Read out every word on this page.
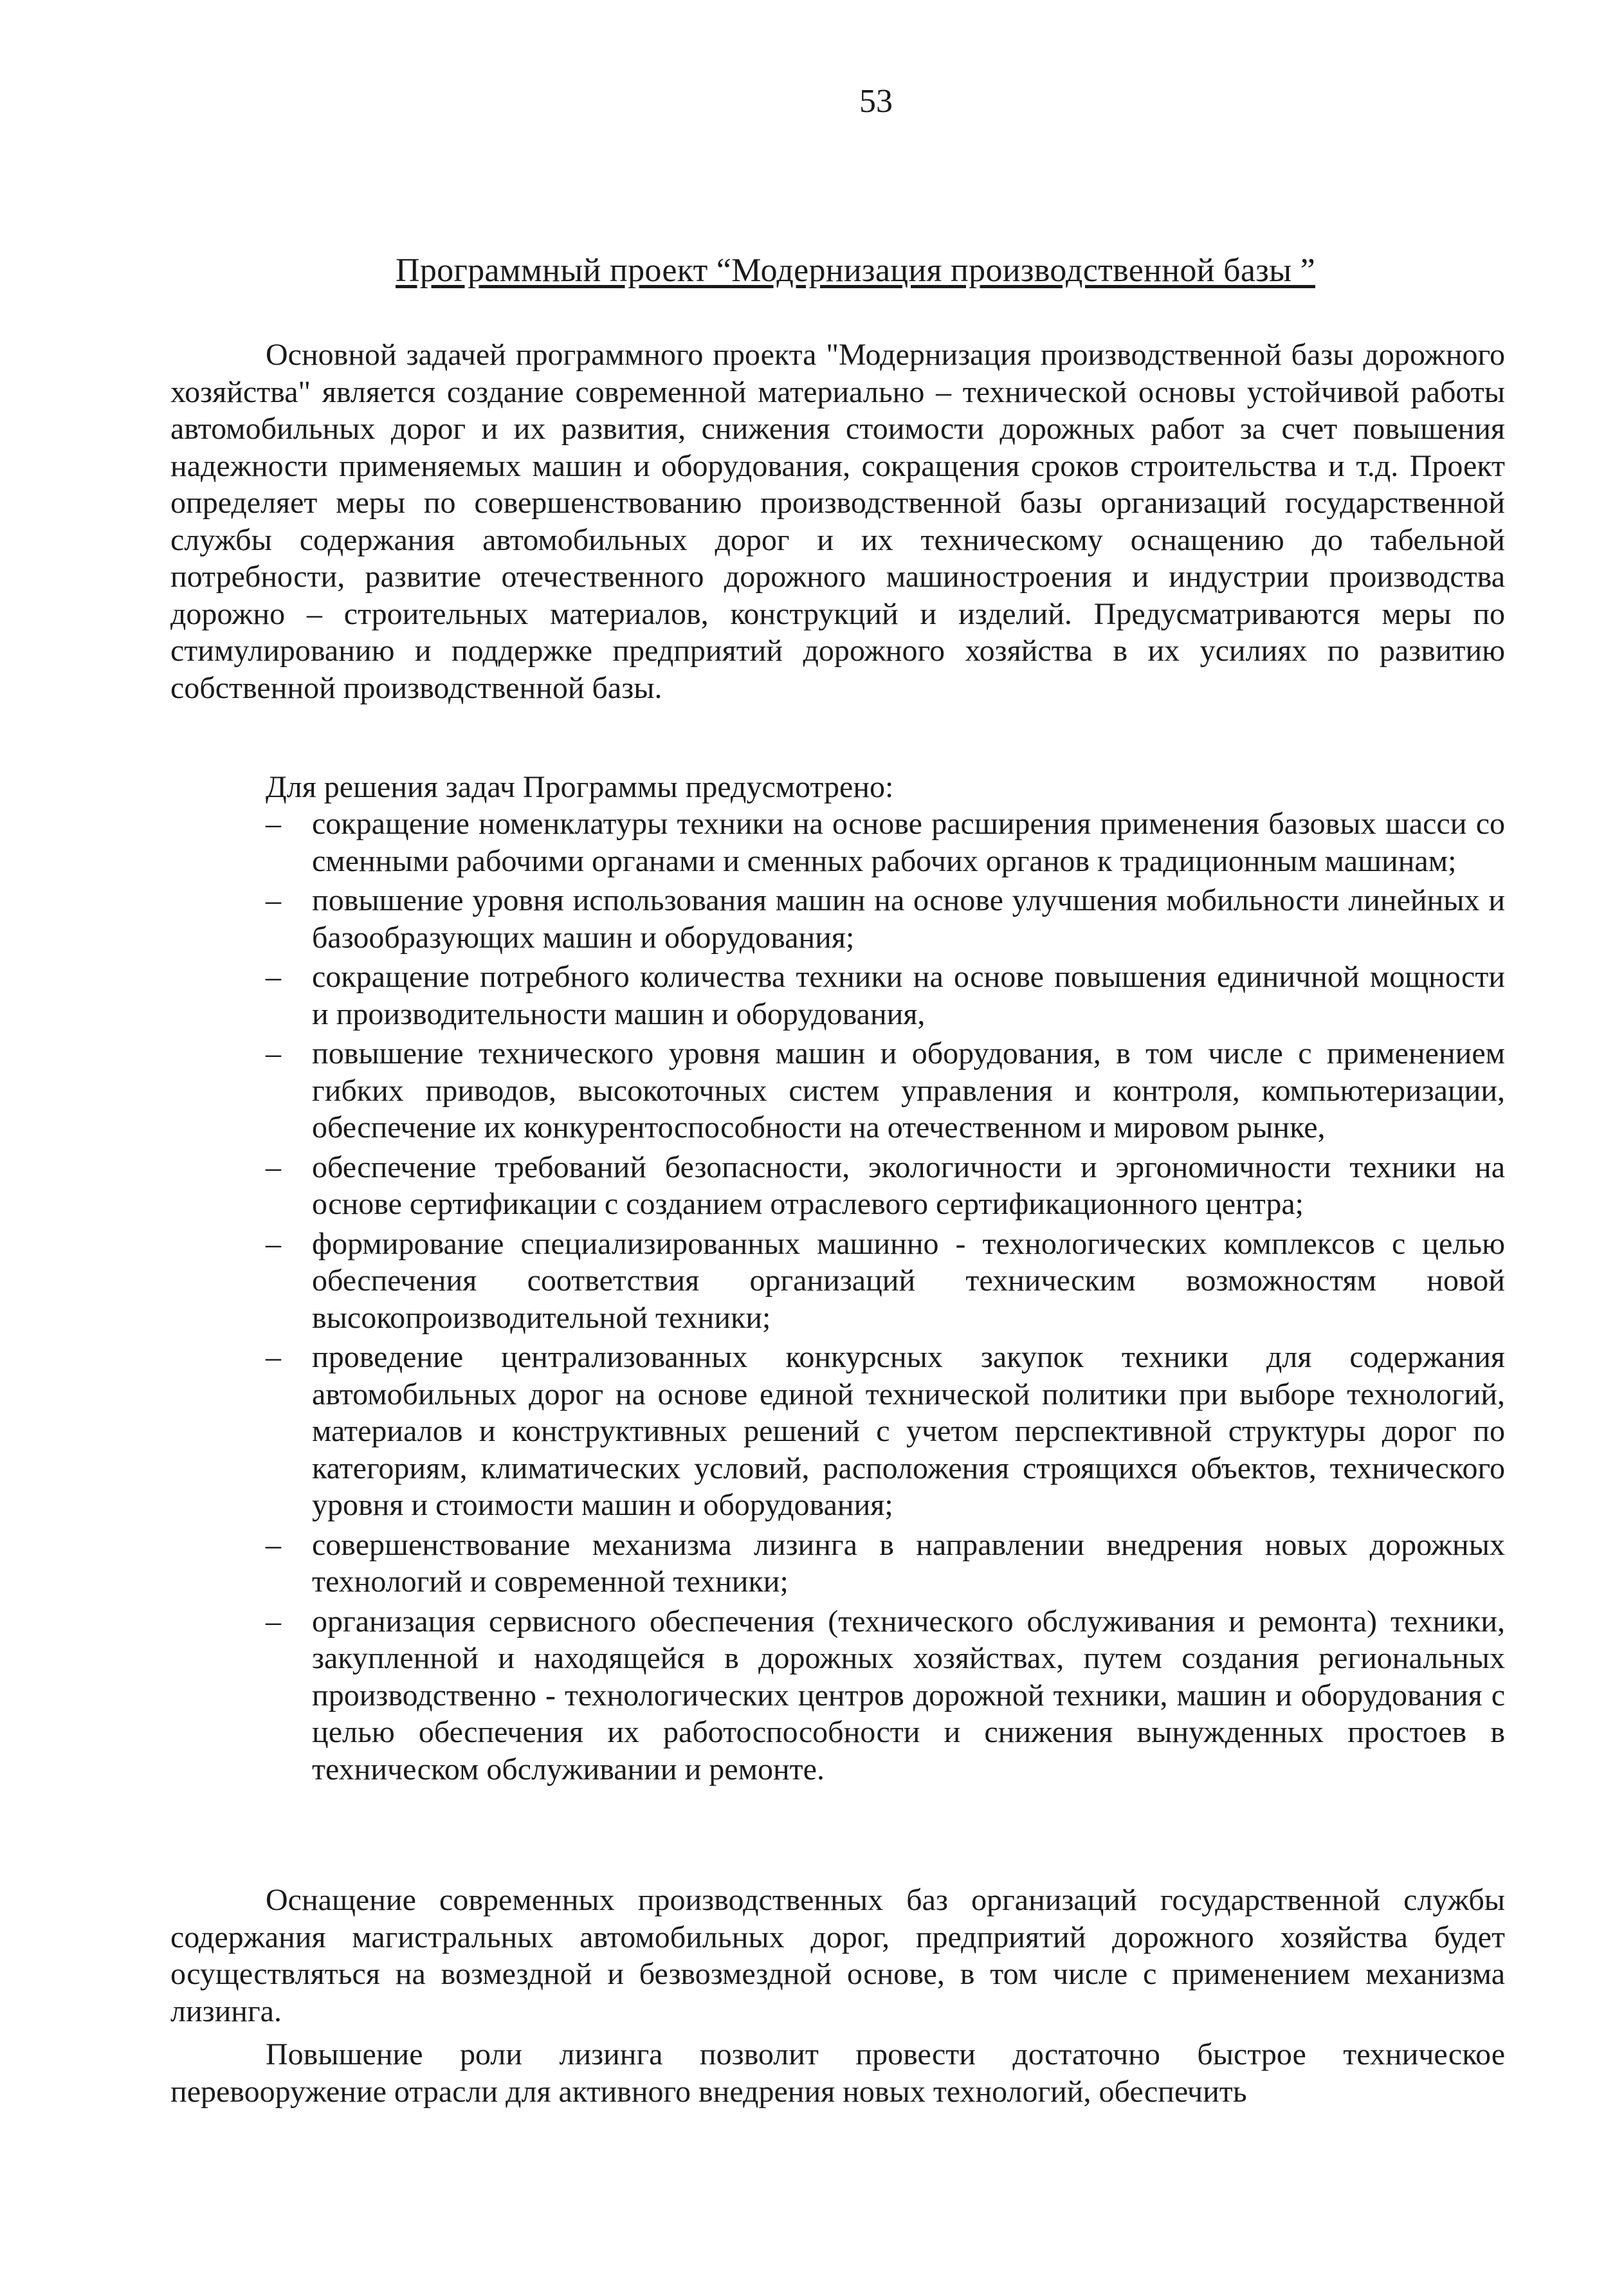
53
Программный проект “Модернизация производственной базы ”

Основной задачей программного проекта "Модернизация производственной базы дорожного хозяйства" является создание современной материально – технической основы устойчивой работы автомобильных дорог и их развития, снижения стоимости дорожных работ за счет повышения надежности применяемых машин и оборудования, сокращения сроков строительства и т.д. Проект определяет меры по совершенствованию производственной базы организаций государственной службы содержания автомобильных дорог и их техническому оснащению до табельной потребности, развитие отечественного дорожного машиностроения и индустрии производства дорожно – строительных материалов, конструкций и изделий. Предусматриваются меры по стимулированию и поддержке предприятий дорожного хозяйства в их усилиях по развитию собственной производственной базы.

Для решения задач Программы предусмотрено:

– сокращение номенклатуры техники на основе расширения применения базовых шасси со сменными рабочими органами и сменных рабочих органов к традиционным машинам;
– повышение уровня использования машин на основе улучшения мобильности линейных и базообразующих машин и оборудования;
– сокращение потребного количества техники на основе повышения единичной мощности и производительности машин и оборудования,
– повышение технического уровня машин и оборудования, в том числе с применением гибких приводов, высокоточных систем управления и контроля, компьютеризации, обеспечение их конкурентоспособности на отечественном и мировом рынке,
– обеспечение требований безопасности, экологичности и эргономичности техники на основе сертификации с созданием отраслевого сертификационного центра;
– формирование специализированных машинно - технологических комплексов с целью обеспечения соответствия организаций техническим возможностям новой высокопроизводительной техники;
– проведение централизованных конкурсных закупок техники для содержания автомобильных дорог на основе единой технической политики при выборе технологий, материалов и конструктивных решений с учетом перспективной структуры дорог по категориям, климатических условий, расположения строящихся объектов, технического уровня и стоимости машин и оборудования;
– совершенствование механизма лизинга в направлении внедрения новых дорожных технологий и современной техники;
– организация сервисного обеспечения (технического обслуживания и ремонта) техники, закупленной и находящейся в дорожных хозяйствах, путем создания региональных производственно - технологических центров дорожной техники, машин и оборудования с целью обеспечения их работоспособности и снижения вынужденных простоев в техническом обслуживании и ремонте.

Оснащение современных производственных баз организаций государственной службы содержания магистральных автомобильных дорог, предприятий дорожного хозяйства будет осуществляться на возмездной и безвозмездной основе, в том числе с применением механизма лизинга.

Повышение роли лизинга позволит провести достаточно быстрое техническое перевооружение отрасли для активного внедрения новых технологий, обеспечить
